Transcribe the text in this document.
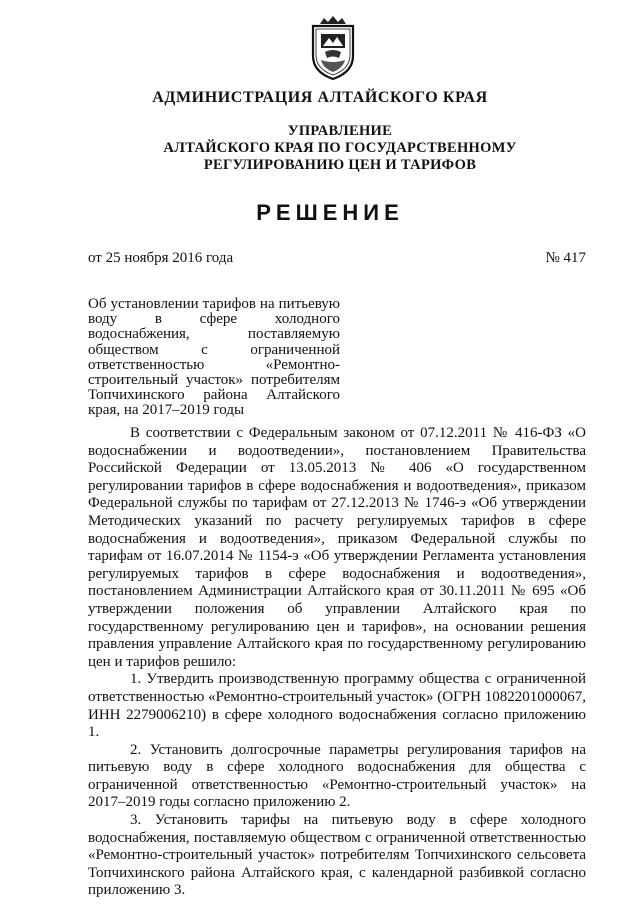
АДМИНИСТРАЦИЯ АЛТАЙСКОГО КРАЯ
УПРАВЛЕНИЕ
АЛТАЙСКОГО КРАЯ ПО ГОСУДАРСТВЕННОМУ
РЕГУЛИРОВАНИЮ ЦЕН И ТАРИФОВ
РЕШЕНИЕ
от 25 ноября 2016 года	№ 417
Об установлении тарифов на питьевую воду в сфере холодного водоснабжения, поставляемую обществом с ограниченной ответственностью «Ремонтно-строительный участок» потребителям Топчихинского района Алтайского края, на 2017–2019 годы

В соответствии с Федеральным законом от 07.12.2011 № 416-ФЗ «О водоснабжении и водоотведении», постановлением Правительства Российской Федерации от 13.05.2013 № 406 «О государственном регулировании тарифов в сфере водоснабжения и водоотведения», приказом Федеральной службы по тарифам от 27.12.2013 № 1746-э «Об утверждении Методических указаний по расчету регулируемых тарифов в сфере водоснабжения и водоотведения», приказом Федеральной службы по тарифам от 16.07.2014 № 1154-э «Об утверждении Регламента установления регулируемых тарифов в сфере водоснабжения и водоотведения», постановлением Администрации Алтайского края от 30.11.2011 № 695 «Об утверждении положения об управлении Алтайского края по государственному регулированию цен и тарифов», на основании решения правления управление Алтайского края по государственному регулированию цен и тарифов решило:

1. Утвердить производственную программу общества с ограниченной ответственностью «Ремонтно-строительный участок» (ОГРН 1082201000067, ИНН 2279006210) в сфере холодного водоснабжения согласно приложению 1.

2. Установить долгосрочные параметры регулирования тарифов на питьевую воду в сфере холодного водоснабжения для общества с ограниченной ответственностью «Ремонтно-строительный участок» на 2017–2019 годы согласно приложению 2.

3. Установить тарифы на питьевую воду в сфере холодного водоснабжения, поставляемую обществом с ограниченной ответственностью «Ремонтно-строительный участок» потребителям Топчихинского сельсовета Топчихинского района Алтайского края, с календарной разбивкой согласно приложению 3.
